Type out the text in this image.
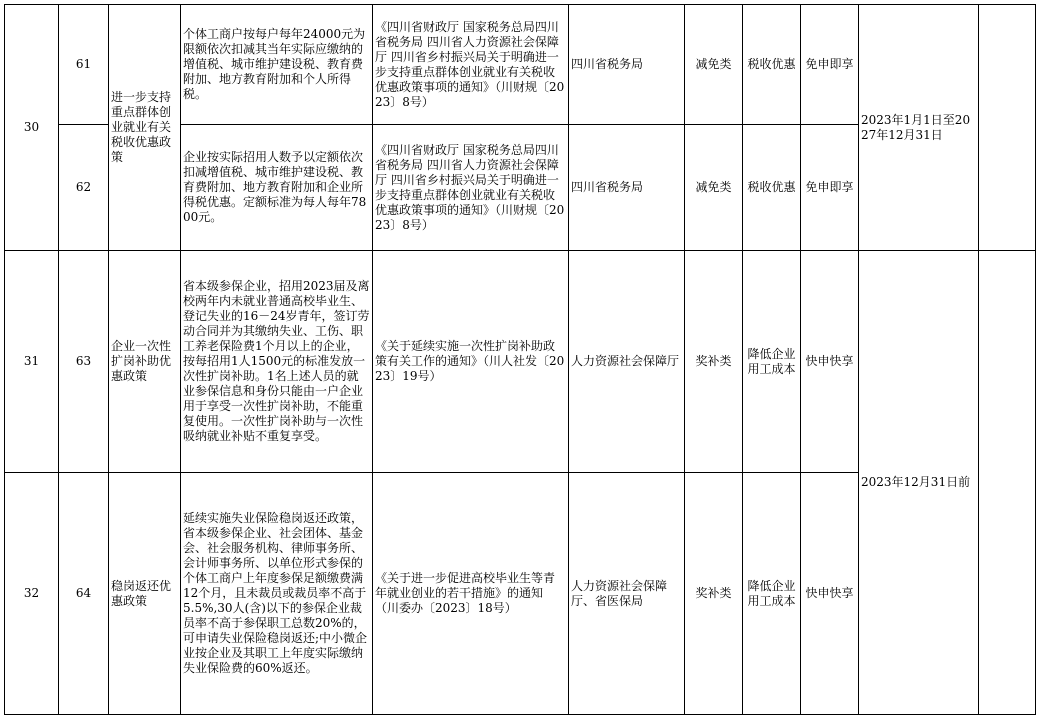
30	61	进一步支持重点群体创业就业有关税收优惠政策	个体工商户按每户每年24000元为限额依次扣减其当年实际应缴纳的增值税、城市维护建设税、教育费附加、地方教育附加和个人所得税。	《四川省财政厅 国家税务总局四川省税务局 四川省人力资源社会保障厅 四川省乡村振兴局关于明确进一步支持重点群体创业就业有关税收优惠政策事项的通知》（川财规〔2023〕8号）	四川省税务局	减免类	税收优惠	免申即享	2023年1月1日至2027年12月31日	
	62		企业按实际招用人数予以定额依次扣减增值税、城市维护建设税、教育费附加、地方教育附加和企业所得税优惠。定额标准为每人每年7800元。	《四川省财政厅 国家税务总局四川省税务局 四川省人力资源社会保障厅 四川省乡村振兴局关于明确进一步支持重点群体创业就业有关税收优惠政策事项的通知》（川财规〔2023〕8号）	四川省税务局	减免类	税收优惠	免申即享		
31	63	企业一次性扩岗补助优惠政策	省本级参保企业，招用2023届及离校两年内未就业普通高校毕业生、登记失业的16－24岁青年，签订劳动合同并为其缴纳失业、工伤、职工养老保险费1个月以上的企业，按每招用1人1500元的标准发放一次性扩岗补助。1名上述人员的就业参保信息和身份只能由一户企业用于享受一次性扩岗补助，不能重复使用。一次性扩岗补助与一次性吸纳就业补贴不重复享受。	《关于延续实施一次性扩岗补助政策有关工作的通知》（川人社发〔2023〕19号）	人力资源社会保障厅	奖补类	降低企业用工成本	快申快享	2023年12月31日前	
32	64	稳岗返还优惠政策	延续实施失业保险稳岗返还政策，省本级参保企业、社会团体、基金会、社会服务机构、律师事务所、会计师事务所、以单位形式参保的个体工商户上年度参保足额缴费满12个月，且未裁员或裁员率不高于5.5%,30人(含)以下的参保企业裁员率不高于参保职工总数20%的，可申请失业保险稳岗返还;中小微企业按企业及其职工上年度实际缴纳失业保险费的60%返还。	《关于进一步促进高校毕业生等青年就业创业的若干措施》的通知（川委办〔2023〕18号）	人力资源社会保障厅、省医保局	奖补类	降低企业用工成本	快申快享		
